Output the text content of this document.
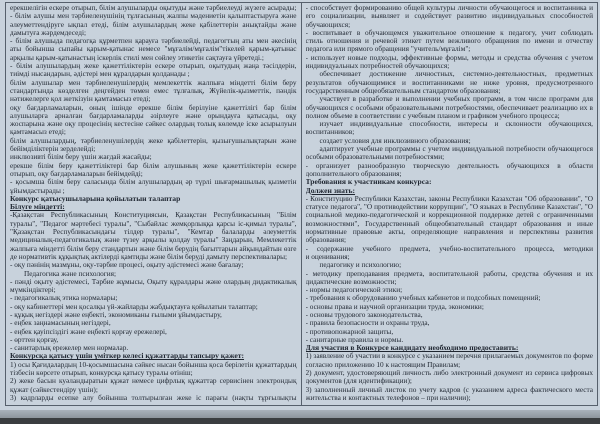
ерекшелігін ескере отырып, білім алушыларды оқытуды және тәрбиелеуді жүзеге асырады;
- білім алушы мен тәрбиеленушінің тұлғасының жалпы мәдениетін қалыптастыруға және
әлеуметтендіруге ықпал етеді, білім алушылардың жеке қабілеттерін анықтайды және
дамытуға жәрдемдеседі;
- білім алушыда педагогқа құрметпен қарауға тәрбиелейді, педагогтың аты мен әкесінің
аты бойынша сыпайы қарым-қатынас немесе "мұғалім/мұғалім"тікелей қарым-қатынас
арқылы қарым-қатынастың іскерлік стилі мен сөйлеу этикетін сақтауға үйретеді.;
- білім алушылардың жеке қажеттіліктерін ескере отырып, оқытудың жаңа тәсілдерін,
тиімді нысандарын, әдістері мен құралдарын қолданады ;
білім алушылар мен тәрбиеленушілердің мемлекеттік жалпыға міндетті білім беру
стандартында көзделген деңгейден төмен емес тұлғалық, Жүйелік-қызметтік, пәндік
нәтижелерге қол жеткізуін қамтамасыз етеді;
оқу бағдарламаларын, оның ішінде ерекше білім берілуіне қажеттілігі бар білім
алушыларға арналған бағдарламаларды әзірлеуге және орындауға қатысады, оқу
жоспарына және оқу процесінің кестесіне сәйкес олардың толық көлемде іске асырылуын
қамтамасыз етеді;
білім алушылардың, тәрбиеленушілердің жеке қабілеттерін, қызығушылықтарын және
бейімділіктерін зерделейді;
инклюзивті білім беру үшін жағдай жасайды;
ерекше білім беру қажеттіліктері бар білім алушының жеке қажеттіліктерін ескере
отырып, оқу бағдарламаларын бейімдейді;
- қосымша білім беру саласында білім алушылардың әр түрлі шығармашылық қызметін
ұйымдастырады ;
Конкурс қатысушыларына қойылатын талаптар
Білуге міндетті:
-Қазақстан Республикасының Конституциясын, Қазақстан Республикасының "Білім
туралы", "Педагог мәртебесі туралы", "Сыбайлас жемқорлыққа қарсы іс-қимыл туралы",
"Қазақстан Республикасындағы тілдер туралы", "Кемтар балаларды әлеуметтік
медициналық-педагогикалық және түзеу арқылы қолдау туралы" Заңдарын, Мемлекеттік
жалпыға міндетті білім беру стандартын және білім берудің бағыттарын айқындайтын өзге
де нормативтік құқықтық актілерді қамтиды және білім беруді дамыту перспективалары;
- оқу пәнінің мазмұны, оқу-тәрбие процесі, оқыту әдістемесі және бағалау;
Педагогика және психология;
- пәнді оқыту әдістемесі, Тәрбие жұмысы, Оқыту құралдары және олардың дидактикалық
мүмкіндіктері;
- педагогикалық этика нормалары;
- оқу кабинеттері мен қосалқы үй-жайларды жабдықтауға қойылатын талаптар;
- құқық негіздері және еңбекті, экономиканы ғылыми ұйымдастыру,
- еңбек заңнамасының негіздері,
- еңбек қауіпсіздігі және еңбекті қорғау ережелері,
- өрттен қорғау,
- санитарлық ережелер мен нормалар.
Конкурсқа қатысу үшін үміткер келесі құжаттарды тапсыру қажет:
1) осы Қағидалардың 10-қосымшасына сәйкес нысан бойынша қоса берілетін құжаттардың
тізбесін көрсете отырып, конкурсқа қатысу туралы өтініш;
2) жеке басын куәландыратын құжат немесе цифрлық құжаттар сервисінен электрондық
құжат (сәйкестендіру үшін);
3) кадрларды есепке алу бойынша толтырылған жеке іс парағы (нақты тұрғылықты
- способствует формированию общей культуры личности обучающегося и воспитанника и
его социализации, выявляет и содействует развитию индивидуальных способностей
обучающихся;
- воспитывает в обучающемся уважительное отношение к педагогу, учит соблюдать
стиль отношения и речевой этикет путем вежливого обращения по имени и отчеству
педагога или прямого обращения "учитель/мұғалім";
- использует новые подходы, эффективные формы, методы и средства обучения с учетом
индивидуальных потребностей обучающихся;
обеспечивает достижение личностных, системно-деятельностных, предметных
результатов обучающимися и воспитанниками не ниже уровня, предусмотренного
государственным общеобязательным стандартом образования;
участвует в разработке и выполнении учебных программ, в том числе программ для
обучающихся с особыми образовательными потребностями, обеспечивает реализацию их в
полном объеме в соответствии с учебным планом и графиком учебного процесса;
изучает индивидуальные способности, интересы и склонности обучающихся,
воспитанников;
создает условия для инклюзивного образования;
адаптирует учебные программы с учетом индивидуальной потребности обучающегося
особыми образовательными потребностями;
- организует разнообразную творческую деятельность обучающихся в области
дополнительного образования;
Требования к участникам конкурса:
Должен знать:
- Конституцию Республики Казахстан, законы Республики Казахстан "Об образовании", "О
статусе педагога", "О противодействии коррупции", "О языках в Республике Казахстан", "О
социальной медико-педагогической и коррекционной поддержке детей с ограниченными
возможностями", Государственный общеобязательный стандарт образования и иные
нормативные правовые акты, определяющие направления и перспективы развития
образования;
- содержание учебного предмета, учебно-воспитательного процесса, методики
и оценивания;
педагогику и психологию;
- методику преподавания предмета, воспитательной работы, средства обучения и их
дидактические возможности;
- нормы педагогической этики;
- требования к оборудованию учебных кабинетов и подсобных помещений;
- основы права и научной организации труда, экономики;
- основы трудового законодательства,
- правила безопасности и охраны труда,
- противопожарной защиты,
- санитарные правила и нормы.
Для участия в Конкурсе кандидату необходимо предоставить:
1) заявление об участии в конкурсе с указанием перечня прилагаемых документов по форме
согласно приложению 10 к настоящим Правилам;
2) документ, удостоверяющий личность либо электронный документ из сервиса цифровых
документов (для идентификации);
3) заполненный личный листок по учету кадров (с указанием адреса фактического места
жительства и контактных телефонов – при наличии);
